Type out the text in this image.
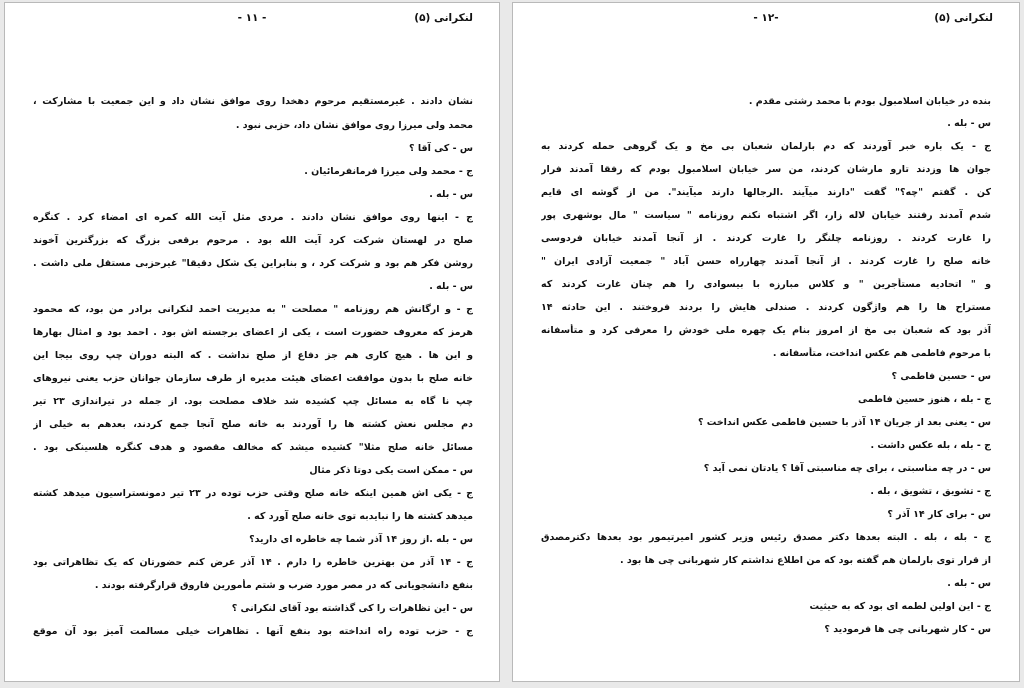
لنکرانی (۵)
- ۱۱ -
نشان دادند . غیرمستقیم مرحوم دهخدا روی موافق نشان داد و این جمعیت با مشارکت ،
محمد ولی میرزا روی موافق نشان داد، حزبی نبود .
س - کی آقا ؟
ج - محمد ولی میرزا فرمانفرمائیان .
س - بله .
ج - اینها روی موافق نشان دادند . مردی مثل آیت الله کمره ای امضاء کرد . کنگره
صلح در لهستان شرکت کرد آیت الله بود . مرحوم برقعی بزرگ که بزرگترین آخوند
روشن فکر هم بود و شرکت کرد ، و بنابراین یک شکل دقیقا" غیرحزبی مستقل ملی داشت .
س - بله .
ج - و ارگانش هم روزنامه " مصلحت " به مدیریت احمد لنکرانی برادر من بود، که محمود
هرمز که معروف حضورت است ، یکی از اعضای برجسته اش بود . احمد بود و امثال بهارها
و این ها . هیچ کاری هم جز دفاع از صلح نداشت . که البته دوران چپ روی بیجا این
خانه صلح با بدون موافقت اعضای هیئت مدیره از طرف سازمان جوانان حزب یعنی نیروهای
چپ نا گاه به مسائل چپ کشیده شد خلاف مصلحت بود. از جمله در تیراندازی ۲۳ تیر
دم مجلس نعش کشته ها را آوردند به خانه صلح آنجا جمع کردند، بعدهم به خیلی از
مسائل خانه صلح مثلا" کشیده میشد که مخالف مقصود و هدف کنگره هلسینکی بود .
س - ممکن است یکی دوتا ذکر مثال
ج - یکی اش همین اینکه خانه صلح وقتی حزب توده در ۲۳ تیر دمونستراسیون میدهد کشته
میدهد کشته ها را نبایدبه توی خانه صلح آورد که .
س - بله .از روز ۱۴ آذر شما چه خاطره ای دارید؟
ج - ۱۴ آذر من بهترین خاطره را دارم . ۱۴ آذر عرض کنم حضورتان که یک تظاهراتی بود
بنفع دانشجویانی که در مصر مورد ضرب و شتم مأمورین فاروق قرارگرفته بودند .
س - این تظاهرات را کی گذاشته بود آقای لنکرانی ؟
ج - حزب توده راه انداخته بود بنفع آنها . تظاهرات خیلی مسالمت آمیز بود آن موقع
لنکرانی (۵)
-۱۲ -
بنده در خیابان اسلامبول بودم با محمد رشتی مقدم .
س - بله .
ج - یک باره خبر آوردند که دم بارلمان شعبان بی مخ و یک گروهی حمله کردند به
جوان ها وزدند تارو مارشان کردند، من سر خیابان اسلامبول بودم که رفقا آمدند فرار
کن . گفتم "چه؟" گفت "دارند میآیند .الرجالها دارند میآیند". من از گوشه ای قایم
شدم آمدند رفتند خیابان لاله زار، اگر اشتباه نکنم روزنامه " سیاست " مال بوشهری پور
را غارت کردند . روزنامه چلنگر را غارت کردند . از آنجا آمدند خیابان فردوسی
خانه صلح را غارت کردند . از آنجا آمدند چهارراه حسن آباد " جمعیت آزادی ایران "
و " اتحادیه مستأجرین " و کلاس مبارزه با بیسوادی را هم چنان غارت کردند که
مستراح ها را هم واژگون کردند . صندلی هایش را بردند فروختند . این حادثه ۱۴
آذر بود که شعبان بی مخ از امروز بنام یک چهره ملی خودش را معرفی کرد و متأسفانه
با مرحوم فاطمی هم عکس انداخت، متأسفانه .
س - حسین فاطمی ؟
ج - بله ، هنوز حسین فاطمی
س - یعنی بعد از جریان ۱۴ آذر با حسین فاطمی عکس انداخت ؟
ج - بله ، بله عکس داشت .
س - در چه مناسبتی ، برای چه مناسبتی آقا ؟ یادتان نمی آید ؟
ج - تشویق ، تشویق ، بله .
س - برای کار ۱۴ آذر ؟
ج - بله ، بله . البته بعدها دکتر مصدق رئیس وزیر کشور امیرتیمور بود بعدها دکترمصدق
از قرار توی بارلمان هم گفته بود که من اطلاع نداشتم کار شهربانی چی ها بود .
س - بله .
ج - این اولین لطمه ای بود که به حیثیت
س - کار شهربانی چی ها فرمودید ؟
